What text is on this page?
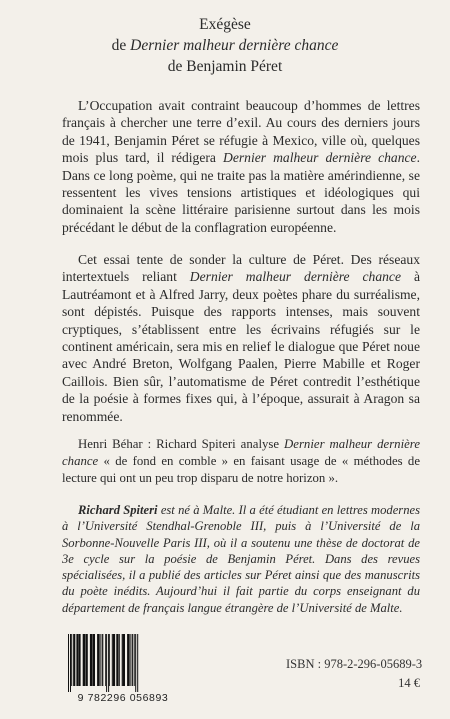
Exégèse
de Dernier malheur dernière chance
de Benjamin Péret

L’Occupation avait contraint beaucoup d’hommes de lettres français à chercher une terre d’exil. Au cours des derniers jours de 1941, Benjamin Péret se réfugie à Mexico, ville où, quelques mois plus tard, il rédigera Dernier malheur dernière chance. Dans ce long poème, qui ne traite pas la matière amérindienne, se ressentent les vives tensions artistiques et idéologiques qui dominaient la scène littéraire parisienne surtout dans les mois précédant le début de la conflagration européenne.

Cet essai tente de sonder la culture de Péret. Des réseaux intertextuels reliant Dernier malheur dernière chance à Lautréamont et à Alfred Jarry, deux poètes phare du surréalisme, sont dépistés. Puisque des rapports intenses, mais souvent cryptiques, s’établissent entre les écrivains réfugiés sur le continent américain, sera mis en relief le dialogue que Péret noue avec André Breton, Wolfgang Paalen, Pierre Mabille et Roger Caillois. Bien sûr, l’automatisme de Péret contredit l’esthétique de la poésie à formes fixes qui, à l’époque, assurait à Aragon sa renommée.

Henri Béhar : Richard Spiteri analyse Dernier malheur dernière chance « de fond en comble » en faisant usage de « méthodes de lecture qui ont un peu trop disparu de notre horizon ».

Richard Spiteri est né à Malte. Il a été étudiant en lettres modernes à l’Université Stendhal-Grenoble III, puis à l’Université de la Sorbonne-Nouvelle Paris III, où il a soutenu une thèse de doctorat de 3e cycle sur la poésie de Benjamin Péret. Dans des revues spécialisées, il a publié des articles sur Péret ainsi que des manuscrits du poète inédits. Aujourd’hui il fait partie du corps enseignant du département de français langue étrangère de l’Université de Malte.

9 782296 056893
ISBN : 978-2-296-05689-3
14 €
